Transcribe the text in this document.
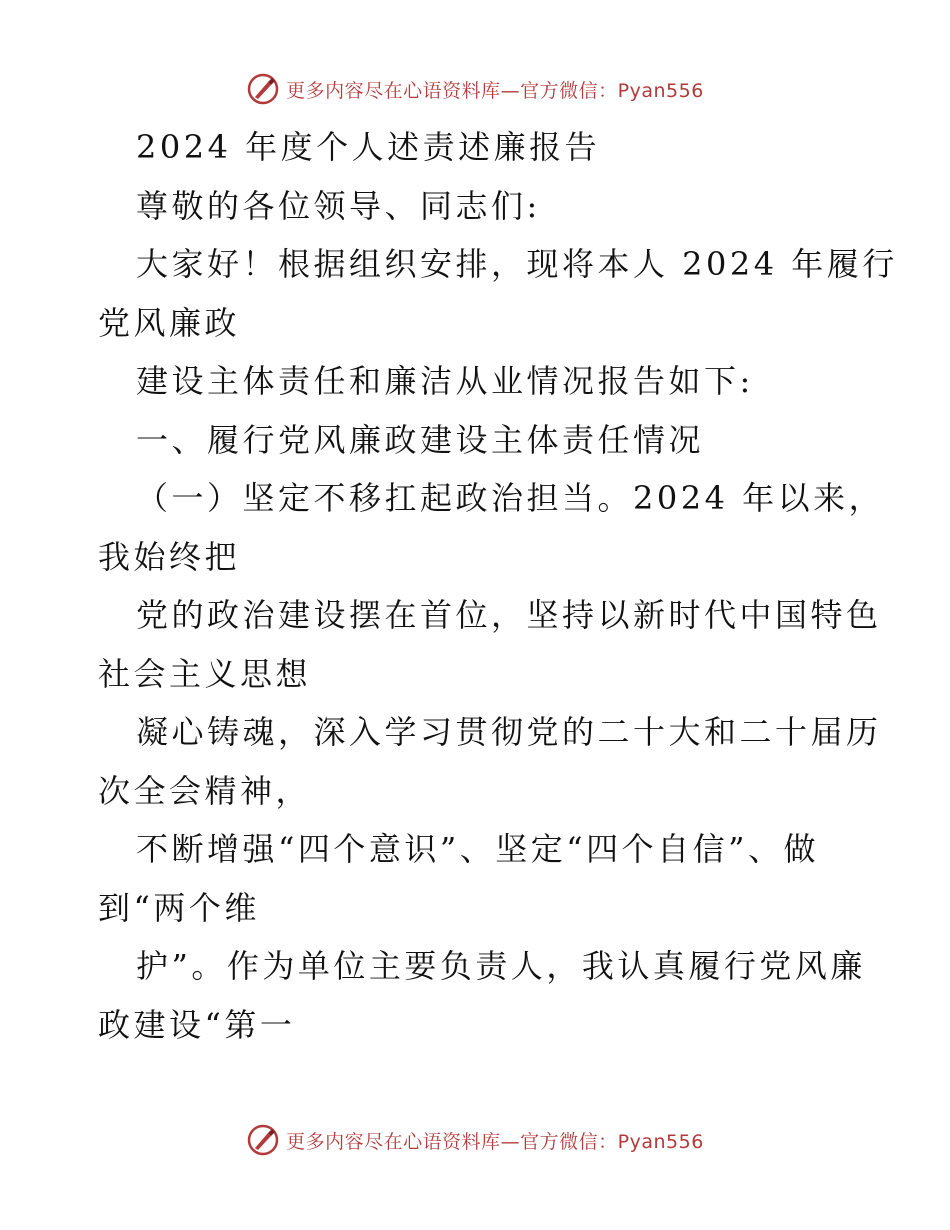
更多内容尽在心语资料库—官方微信：Pyan556

2024 年度个人述责述廉报告

尊敬的各位领导、同志们:

大家好！根据组织安排，现将本人 2024 年履行

党风廉政

建设主体责任和廉洁从业情况报告如下:

一、履行党风廉政建设主体责任情况

（一）坚定不移扛起政治担当。2024 年以来，

我始终把

党的政治建设摆在首位，坚持以新时代中国特色

社会主义思想

凝心铸魂，深入学习贯彻党的二十大和二十届历

次全会精神，

不断增强“四个意识”、坚定“四个自信”、做

到“两个维

护”。作为单位主要负责人，我认真履行党风廉

政建设“第一

更多内容尽在心语资料库—官方微信：Pyan556
